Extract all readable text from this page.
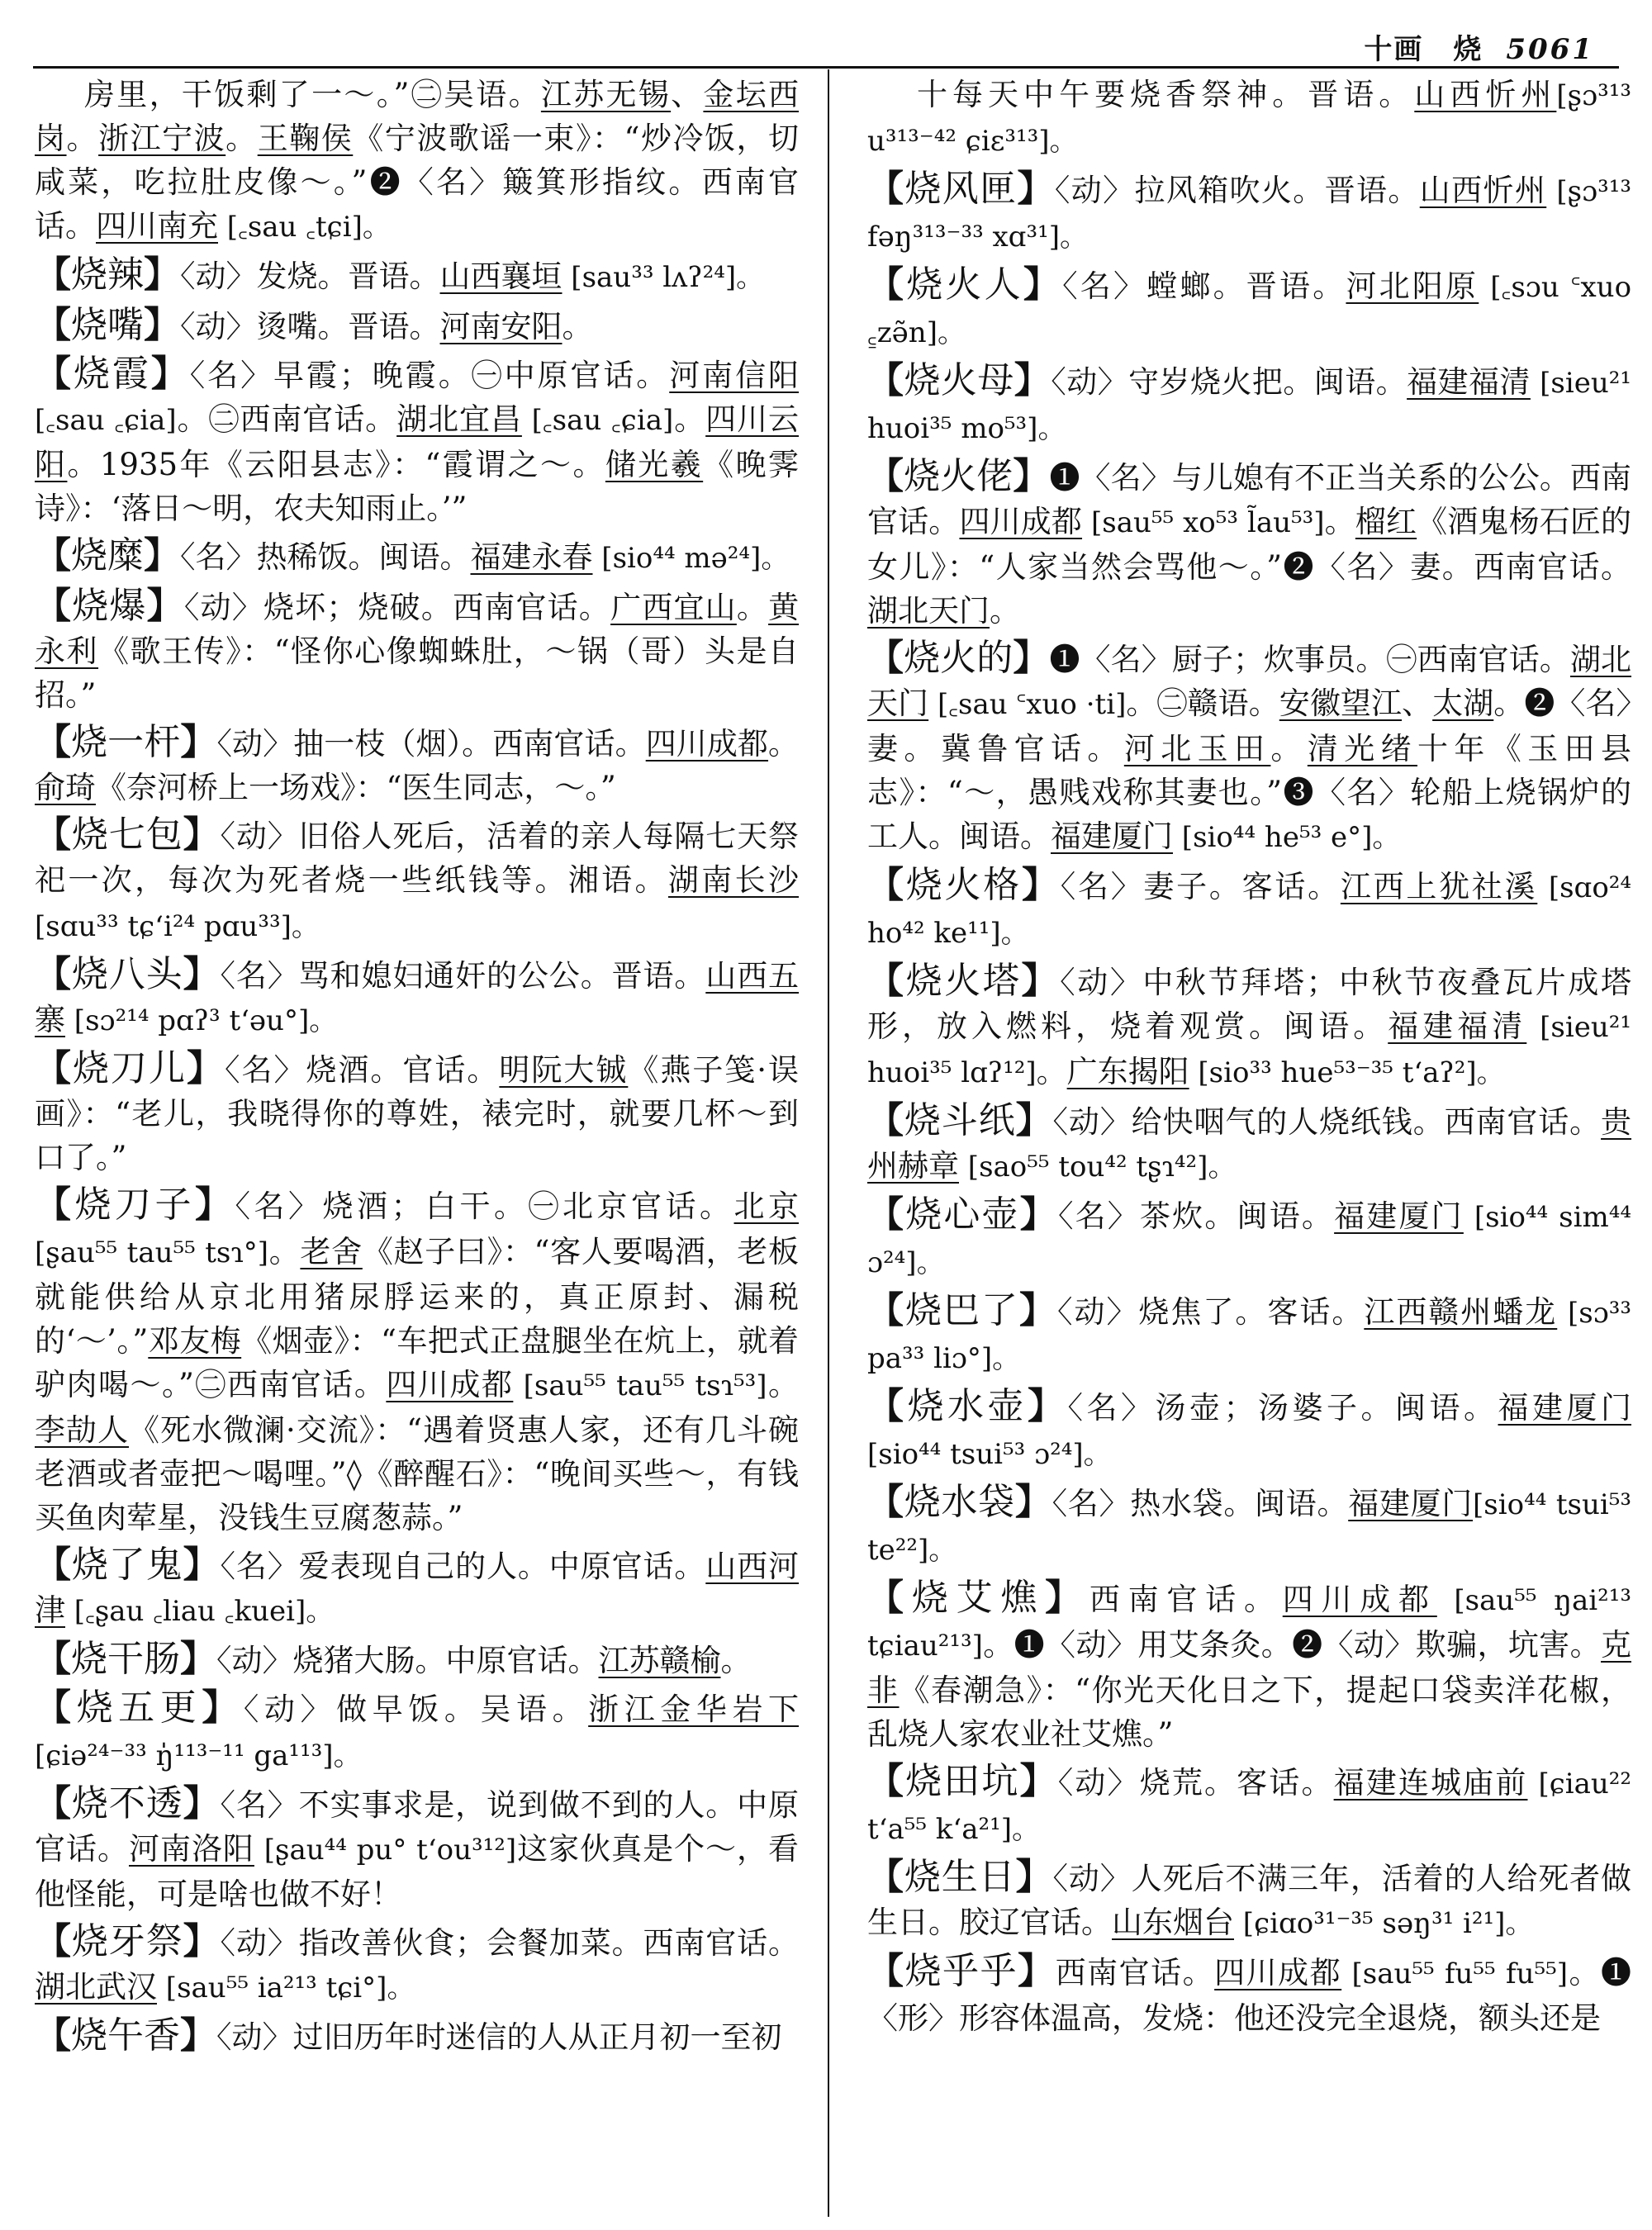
十画　烧 5061
房里，干饭剩了一～。”㊁吴语。江苏无锡、金坛西岗。浙江宁波。王鞠侯《宁波歌谣一束》：“炒冷饭，切咸菜，吃拉肚皮像～。”❷〈名〉簸箕形指纹。西南官话。四川南充 [꜀sau ꜀tɕi]。
【烧辣】〈动〉发烧。晋语。山西襄垣 [sau³³ lʌʔ²⁴]。
【烧嘴】〈动〉烫嘴。晋语。河南安阳。
【烧霞】〈名〉早霞；晚霞。㊀中原官话。河南信阳[꜀sau ꜀ɕia]。㊁西南官话。湖北宜昌 [꜀sau ꜀ɕia]。四川云阳。1935年《云阳县志》：“霞谓之～。储光羲《晚霁诗》：‘落日～明，农夫知雨止。’”
【烧糜】〈名〉热稀饭。闽语。福建永春 [sio⁴⁴ mə²⁴]。
【烧爆】〈动〉烧坏；烧破。西南官话。广西宜山。黄永利《歌王传》：“怪你心像蜘蛛肚，～锅（哥）头是自招。”
【烧一杆】〈动〉抽一枝（烟）。西南官话。四川成都。俞琦《奈河桥上一场戏》：“医生同志，～。”
【烧七包】〈动〉旧俗人死后，活着的亲人每隔七天祭祀一次，每次为死者烧一些纸钱等。湘语。湖南长沙 [sɑu³³ tɕʻi²⁴ pɑu³³]。
【烧八头】〈名〉骂和媳妇通奸的公公。晋语。山西五寨 [sɔ²¹⁴ pɑʔ³ tʻəu°]。
【烧刀儿】〈名〉烧酒。官话。明阮大铖《燕子笺·误画》：“老儿，我晓得你的尊姓，裱完时，就要几杯～到口了。”
【烧刀子】〈名〉烧酒；白干。㊀北京官话。北京 [ʂau⁵⁵ tau⁵⁵ tsɿ°]。老舍《赵子曰》：“客人要喝酒，老板就能供给从京北用猪尿脬运来的，真正原封、漏税的‘～’。”邓友梅《烟壶》：“车把式正盘腿坐在炕上，就着驴肉喝～。”㊁西南官话。四川成都 [sau⁵⁵ tau⁵⁵ tsɿ⁵³]。李劼人《死水微澜·交流》：“遇着贤惠人家，还有几斗碗老酒或者壶把～喝哩。”◊《醉醒石》：“晚间买些～，有钱买鱼肉荤星，没钱生豆腐葱蒜。”
【烧了鬼】〈名〉爱表现自己的人。中原官话。山西河津 [꜀ʂau ꜀liau ꜀kuei]。
【烧干肠】〈动〉烧猪大肠。中原官话。江苏赣榆。
【烧五更】〈动〉做早饭。吴语。浙江金华岩下 [ɕiə²⁴⁻³³ ŋ̍¹¹³⁻¹¹ ga¹¹³]。
【烧不透】〈名〉不实事求是，说到做不到的人。中原官话。河南洛阳 [ʂau⁴⁴ pu° tʻou³¹²]这家伙真是个～，看他怪能，可是啥也做不好！
【烧牙祭】〈动〉指改善伙食；会餐加菜。西南官话。湖北武汉 [sau⁵⁵ ia²¹³ tɕi°]。
【烧午香】〈动〉过旧历年时迷信的人从正月初一至初
十每天中午要烧香祭神。晋语。山西忻州[ʂɔ³¹³ u³¹³⁻⁴² ɕiɛ³¹³]。
【烧风匣】〈动〉拉风箱吹火。晋语。山西忻州 [ʂɔ³¹³ fəŋ³¹³⁻³³ xɑ³¹]。
【烧火人】〈名〉螳螂。晋语。河北阳原 [꜀sɔu ꜂xuo ꜁zə̃n]。
【烧火母】〈动〉守岁烧火把。闽语。福建福清 [sieu²¹ huoi³⁵ mo⁵³]。
【烧火佬】❶〈名〉与儿媳有不正当关系的公公。西南官话。四川成都 [sau⁵⁵ xo⁵³ l̃au⁵³]。榴红《酒鬼杨石匠的女儿》：“人家当然会骂他～。”❷〈名〉妻。西南官话。湖北天门。
【烧火的】❶〈名〉厨子；炊事员。㊀西南官话。湖北天门 [꜀sau ꜂xuo ·ti]。㊁赣语。安徽望江、太湖。❷〈名〉妻。冀鲁官话。河北玉田。清光绪十年《玉田县志》：“～，愚贱戏称其妻也。”❸〈名〉轮船上烧锅炉的工人。闽语。福建厦门 [sio⁴⁴ he⁵³ e°]。
【烧火格】〈名〉妻子。客话。江西上犹社溪 [sɑo²⁴ ho⁴² ke¹¹]。
【烧火塔】〈动〉中秋节拜塔；中秋节夜叠瓦片成塔形，放入燃料，烧着观赏。闽语。福建福清 [sieu²¹ huoi³⁵ lɑʔ¹²]。广东揭阳 [sio³³ hue⁵³⁻³⁵ tʻaʔ²]。
【烧斗纸】〈动〉给快咽气的人烧纸钱。西南官话。贵州赫章 [sao⁵⁵ tou⁴² tʂɿ⁴²]。
【烧心壶】〈名〉茶炊。闽语。福建厦门 [sio⁴⁴ sim⁴⁴ ɔ²⁴]。
【烧巴了】〈动〉烧焦了。客话。江西赣州蟠龙 [sɔ³³ pa³³ liɔ°]。
【烧水壶】〈名〉汤壶；汤婆子。闽语。福建厦门 [sio⁴⁴ tsui⁵³ ɔ²⁴]。
【烧水袋】〈名〉热水袋。闽语。福建厦门[sio⁴⁴ tsui⁵³ te²²]。
【烧艾燋】西南官话。四川成都 [sau⁵⁵ ŋai²¹³ tɕiau²¹³]。❶〈动〉用艾条灸。❷〈动〉欺骗，坑害。克非《春潮急》：“你光天化日之下，提起口袋卖洋花椒，乱烧人家农业社艾燋。”
【烧田坑】〈动〉烧荒。客话。福建连城庙前 [ɕiau²² tʻa⁵⁵ kʻa²¹]。
【烧生日】〈动〉人死后不满三年，活着的人给死者做生日。胶辽官话。山东烟台 [ɕiɑo³¹⁻³⁵ səŋ³¹ i²¹]。
【烧乎乎】西南官话。四川成都 [sau⁵⁵ fu⁵⁵ fu⁵⁵]。❶〈形〉形容体温高，发烧：他还没完全退烧，额头还是
